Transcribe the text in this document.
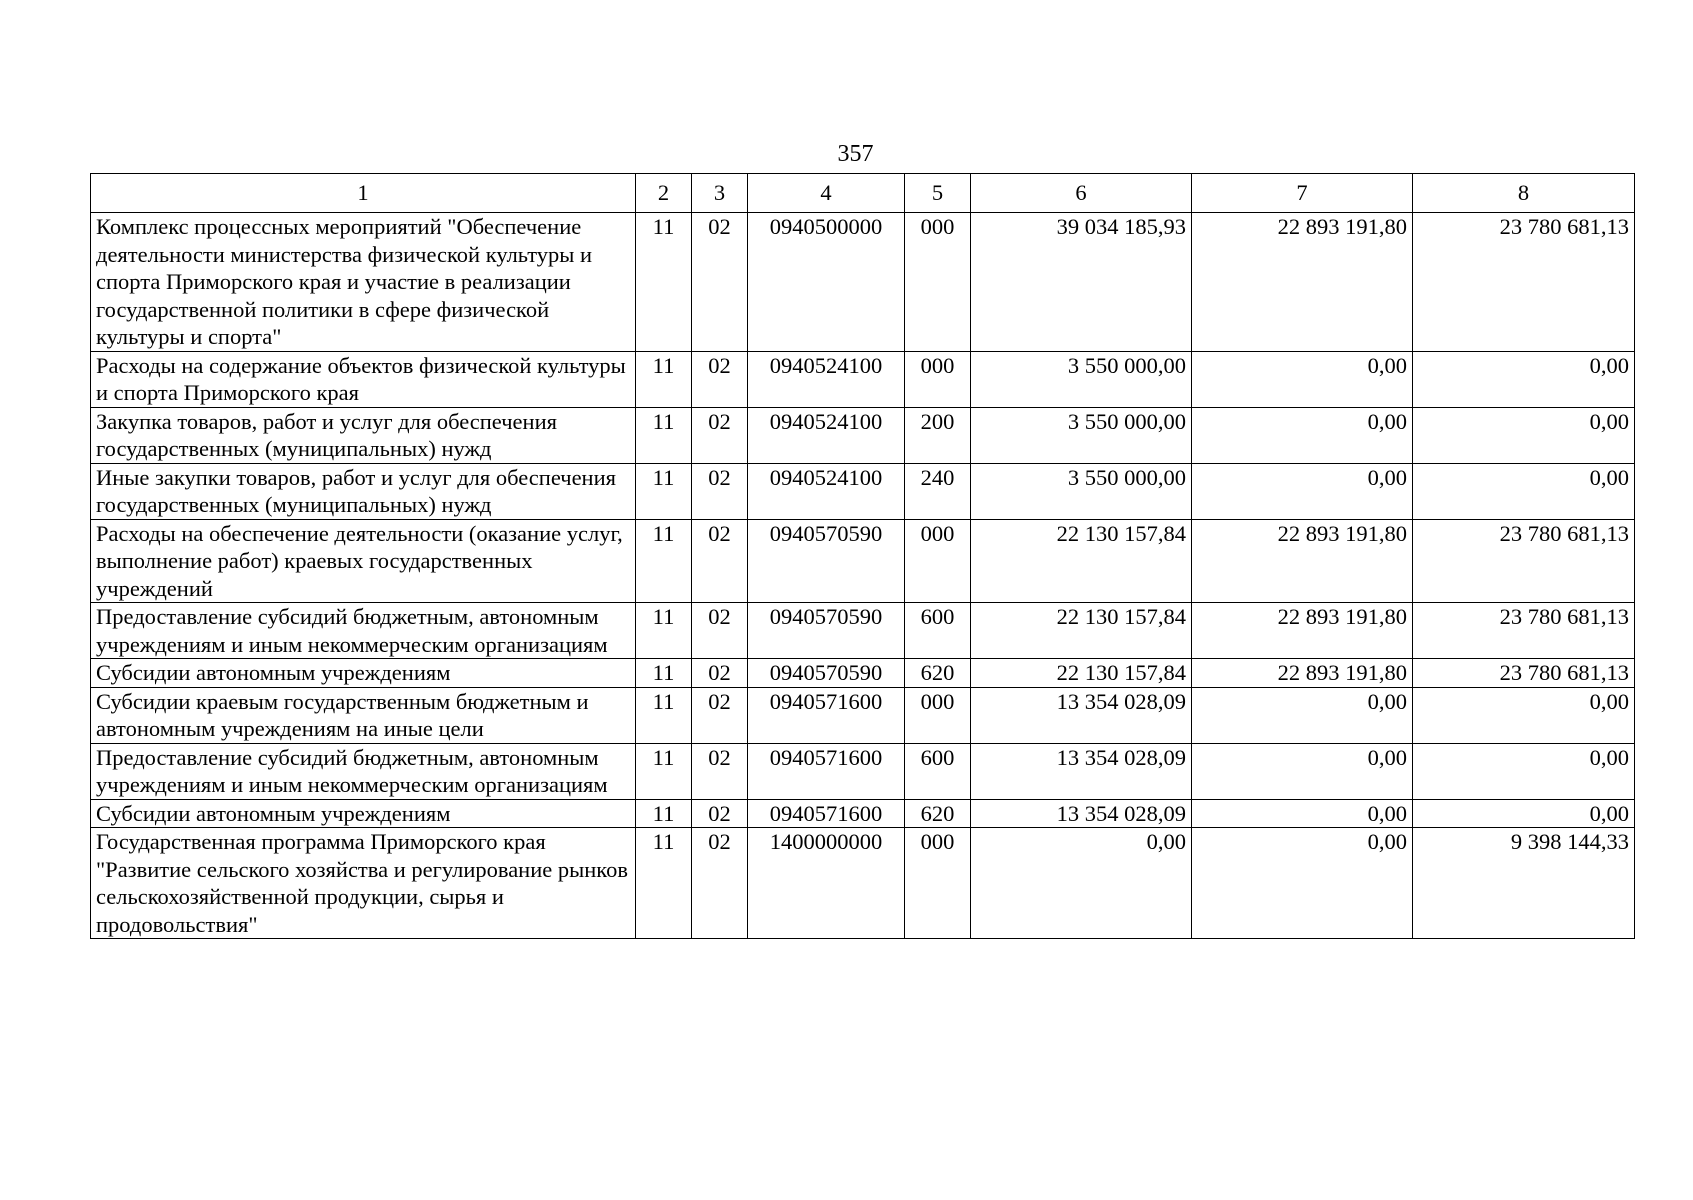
357
1	2	3	4	5	6	7	8
Комплекс процессных мероприятий "Обеспечение деятельности министерства физической культуры и спорта Приморского края и участие в реализации государственной политики в сфере физической культуры и спорта"	11	02	0940500000	000	39 034 185,93	22 893 191,80	23 780 681,13
Расходы на содержание объектов физической культуры и спорта Приморского края	11	02	0940524100	000	3 550 000,00	0,00	0,00
Закупка товаров, работ и услуг для обеспечения государственных (муниципальных) нужд	11	02	0940524100	200	3 550 000,00	0,00	0,00
Иные закупки товаров, работ и услуг для обеспечения государственных (муниципальных) нужд	11	02	0940524100	240	3 550 000,00	0,00	0,00
Расходы на обеспечение деятельности (оказание услуг, выполнение работ) краевых государственных учреждений	11	02	0940570590	000	22 130 157,84	22 893 191,80	23 780 681,13
Предоставление субсидий бюджетным, автономным учреждениям и иным некоммерческим организациям	11	02	0940570590	600	22 130 157,84	22 893 191,80	23 780 681,13
Субсидии автономным учреждениям	11	02	0940570590	620	22 130 157,84	22 893 191,80	23 780 681,13
Субсидии краевым государственным бюджетным и автономным учреждениям на иные цели	11	02	0940571600	000	13 354 028,09	0,00	0,00
Предоставление субсидий бюджетным, автономным учреждениям и иным некоммерческим организациям	11	02	0940571600	600	13 354 028,09	0,00	0,00
Субсидии автономным учреждениям	11	02	0940571600	620	13 354 028,09	0,00	0,00
Государственная программа Приморского края "Развитие сельского хозяйства и регулирование рынков сельскохозяйственной продукции, сырья и продовольствия"	11	02	1400000000	000	0,00	0,00	9 398 144,33
